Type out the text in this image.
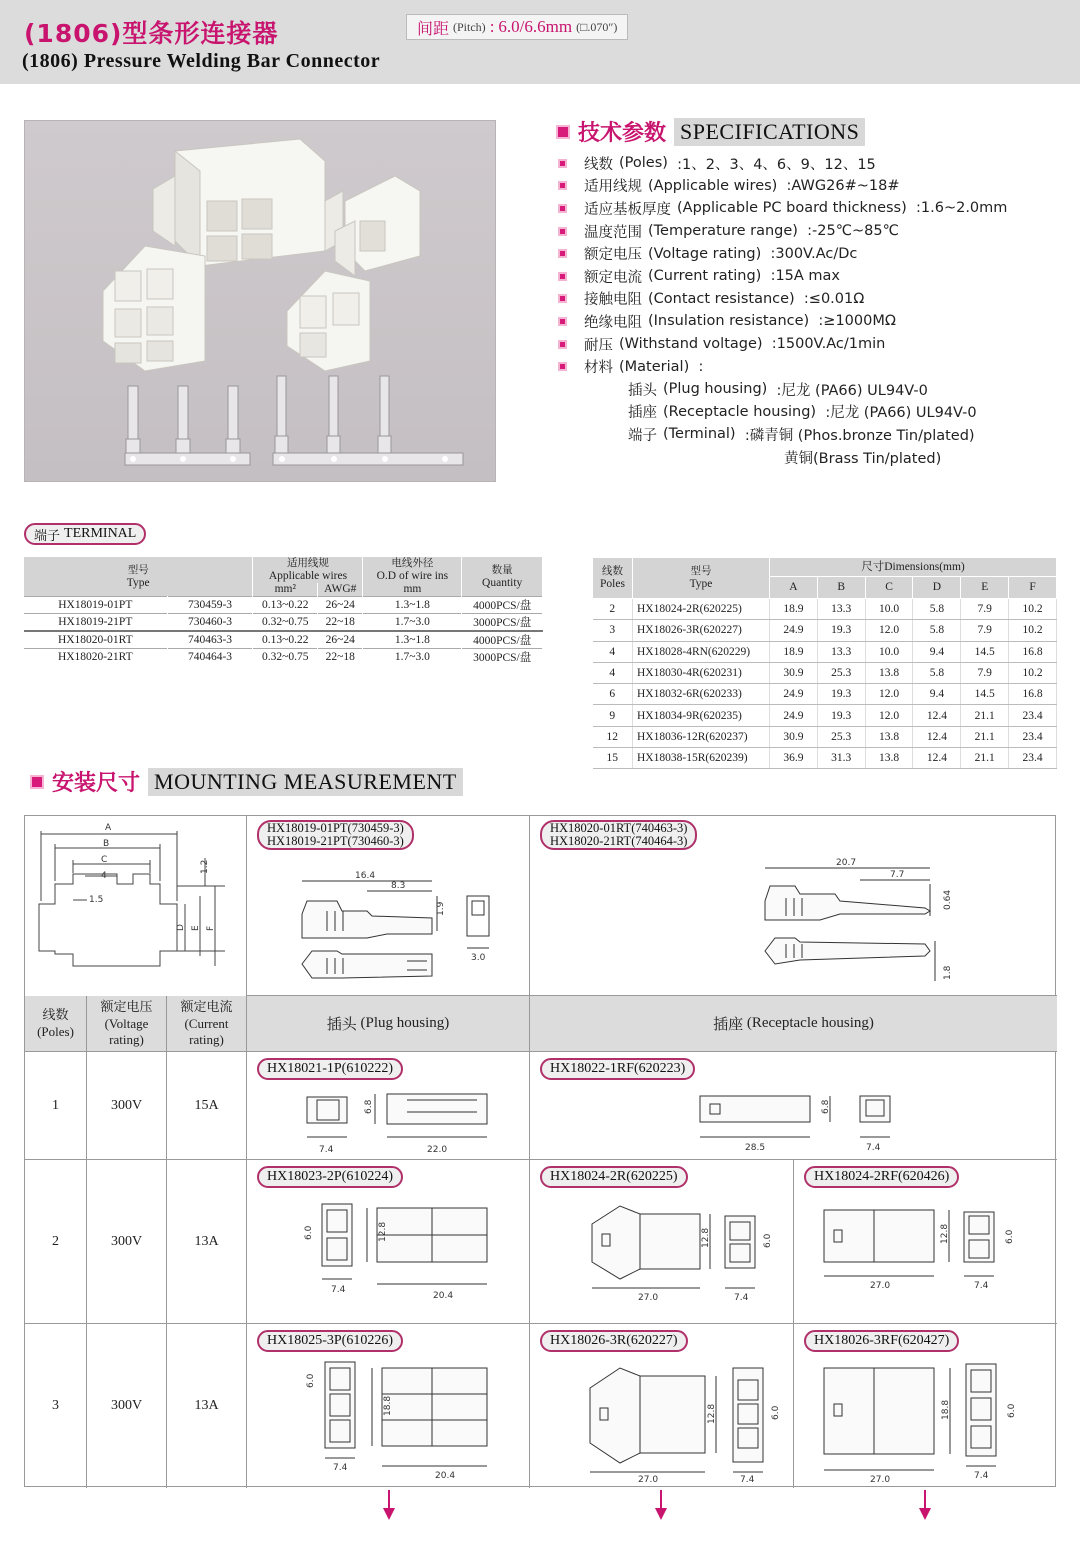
(1806)型条形连接器
(1806) Pressure Welding Bar Connector
间距 (Pitch) : 6.0/6.6mm (□.070″)
技术参数 SPECIFICATIONS
线数 (Poles)
:1、2、3、4、6、9、12、15
适用线规 (Applicable wires)
:AWG26#~18#
适应基板厚度 (Applicable PC board thickness)
:1.6~2.0mm
温度范围 (Temperature range)
:-25℃~85℃
额定电压 (Voltage rating)
:300V.Ac/Dc
额定电流 (Current rating)
:15A max
接触电阻 (Contact resistance)
:≤0.01Ω
绝缘电阻 (Insulation resistance)
:≥1000MΩ
耐压 (Withstand voltage)
:1500V.Ac/1min
材料 (Material)
:
插头 (Plug housing)
:尼龙 (PA66) UL94V-0
插座 (Receptacle housing)
:尼龙 (PA66) UL94V-0
端子 (Terminal)
:磷青铜 (Phos.bronze Tin/plated)
黄铜(Brass Tin/plated)
端子 TERMINAL
型号
Type		适用线规
Applicable wires		电线外径
O.D of wire ins	数量
Quantity
		mm²	AWG#	mm	
HX18019-01PT	730459-3	0.13~0.22	26~24	1.3~1.8	4000PCS/盘
HX18019-21PT	730460-3	0.32~0.75	22~18	1.7~3.0	3000PCS/盘
HX18020-01RT	740463-3	0.13~0.22	26~24	1.3~1.8	4000PCS/盘
HX18020-21RT	740464-3	0.32~0.75	22~18	1.7~3.0	3000PCS/盘
线数
Poles	型号
Type	尺寸Dimensions(mm)					
		A	B	C	D	E	F
2	HX18024-2R(620225)	18.9	13.3	10.0	5.8	7.9	10.2
3	HX18026-3R(620227)	24.9	19.3	12.0	5.8	7.9	10.2
4	HX18028-4RN(620229)	18.9	13.3	10.0	9.4	14.5	16.8
4	HX18030-4R(620231)	30.9	25.3	13.8	5.8	7.9	10.2
6	HX18032-6R(620233)	24.9	19.3	12.0	9.4	14.5	16.8
9	HX18034-9R(620235)	24.9	19.3	12.0	12.4	21.1	23.4
12	HX18036-12R(620237)	30.9	25.3	13.8	12.4	21.1	23.4
15	HX18038-15R(620239)	36.9	31.3	13.8	12.4	21.1	23.4
安装尺寸 MOUNTING MEASUREMENT
A
B
C
4
1.5
1.2
D E F
HX18019-01PT(730459-3)
HX18019-21PT(730460-3)
16.4
8.3
1.9
3.0
HX18020-01RT(740463-3)
HX18020-21RT(740464-3)
20.7
7.7
0.64
1.8
线数
(Poles)
额定电压
(Voltage
rating)
额定电流
(Current
rating)
插头
(Plug housing)	插座
(Receptacle housing)
1	300V	15A
HX18021-1P(610222)
7.4
6.8
22.0
HX18022-1RF(620223)
28.5
6.8
7.4
2	300V	13A
HX18023-2P(610224)
6.0
7.4
12.8
20.4
HX18024-2R(620225)
27.0
12.8
7.4
6.0
HX18024-2RF(620426)
27.0
12.8
7.4
6.0
3	300V	13A
HX18025-3P(610226)
6.0
7.4
18.8
20.4
HX18026-3R(620227)
27.0
12.8
7.4
6.0
HX18026-3RF(620427)
27.0
18.8
7.4
6.0
